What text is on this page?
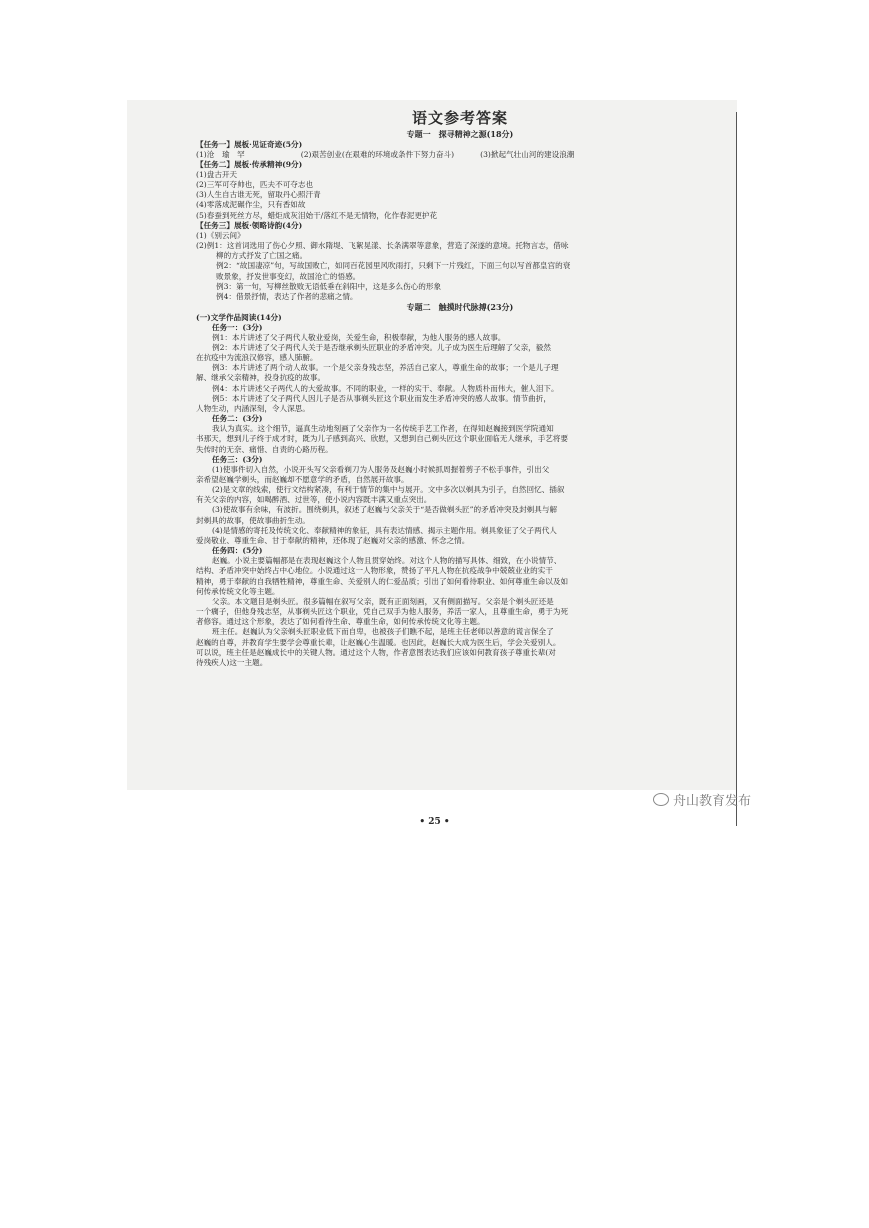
语文参考答案
专题一　探寻精神之源(18分)
【任务一】展板·见证奇迹(5分)
(1)沧　瑜　罕	(2)艰苦创业(在艰难的环境或条件下努力奋斗)	(3)掀起气壮山河的建设浪潮
【任务二】展板·传承精神(9分)
(1)盘古开天
(2)三军可夺帅也，匹夫不可夺志也
(3)人生自古谁无死，留取丹心照汗青
(4)零落成泥碾作尘，只有香如故
(5)春蚕到死丝方尽，蜡炬成灰泪始干/落红不是无情物，化作春泥更护花
【任务三】展板·领略诗韵(4分)
(1)《别云间》
(2)例1：这首词选用了伤心夕照、御水隋堤、飞絮晃漾、长条满翠等意象，营造了深遂的意境。托物言志，借咏
柳的方式抒发了亡国之痛。
例2：“故国凄凉”句，写故国败亡，如同百花园里风吹雨打，只剩下一片残红，下面三句以写首都皇宫的衰
败景象，抒发世事变幻，故国沧亡的悟感。
例3：第一句，写柳丝散败无语低垂在斜阳中，这是多么伤心的形象
例4：借景抒情，表达了作者的悲痛之情。
专题二　触摸时代脉搏(23分)
(一)文学作品阅读(14分)
任务一：(3分)
例1：本片讲述了父子两代人敬业爱岗，关爱生命，积极奉献，为他人服务的感人故事。
例2：本片讲述了父子两代人关于是否继承剃头匠职业的矛盾冲突。儿子成为医生后理解了父亲，毅然
在抗疫中为流浪汉修容，感人肺腑。
例3：本片讲述了两个动人故事。一个是父亲身残志坚，养活自己家人，尊重生命的故事；一个是儿子理
解、继承父亲精神，投身抗疫的故事。
例4：本片讲述父子两代人的大爱故事。不同的职业，一样的实干、奉献。人物质朴而伟大，催人泪下。
例5：本片讲述了父子两代人因儿子是否从事剃头匠这个职业而发生矛盾冲突的感人故事。情节曲折，
人物生动，内涵深刻，令人深思。
任务二：(3分)
我认为真实。这个细节，逼真生动地刻画了父亲作为一名传统手艺工作者，在得知赵巍接到医学院通知
书那天，想到儿子终于成才时，既为儿子感到高兴、欣慰，又想到自己剃头匠这个职业面临无人继承，手艺将要
失传时的无奈、痛惜、自责的心路历程。
任务三：(3分)
(1)使事件切入自然，小说开头写父亲看剃刀为人服务及赵巍小时候抓周握着剪子不松手事件，引出父
亲希望赵巍学剃头，而赵巍却不愿意学的矛盾，自然展开故事。
(2)是文章的线索，使行文结构紧凑，有利于情节的集中与展开。文中多次以剃具为引子，自然回忆、插叙
有关父亲的内容，如喝醉酒、过世等，使小说内容既丰满又重点突出。
(3)使故事有余味，有波折。围绕剃具，叙述了赵巍与父亲关于“是否做剃头匠”的矛盾冲突及封剃具与解
封剃具的故事，使故事曲折生动。
(4)是情感的寄托及传统文化、奉献精神的象征，具有表达情感、揭示主题作用。剃具象征了父子两代人
爱岗敬业、尊重生命、甘于奉献的精神，还体现了赵巍对父亲的感激、怀念之情。
任务四：(5分)
赵巍。小说主要篇幅都是在表现赵巍这个人物且贯穿始终。对这个人物的描写具体、细致，在小说情节、
结构、矛盾冲突中始终占中心地位。小说通过这一人物形象，赞扬了平凡人物在抗疫战争中兢兢业业的实干
精神，勇于奉献的自我牺牲精神，尊重生命、关爱别人的仁爱品质；引出了如何看待职业、如何尊重生命以及如
何传承传统文化等主题。
父亲。本文题目是剃头匠。很多篇幅在叙写父亲，既有正面刻画，又有侧面描写。父亲是个剃头匠还是
一个瘸子，但他身残志坚，从事剃头匠这个职业，凭自己双手为他人服务，养活一家人，且尊重生命，勇于为死
者修容。通过这个形象，表达了如何看待生命、尊重生命，如何传承传统文化等主题。
班主任。赵巍认为父亲剃头匠职业低下而自卑，也被孩子们瞧不起，是班主任老师以善意的谎言保全了
赵巍的自尊，并教育学生要学会尊重长辈，让赵巍心生温暖。也因此，赵巍长大成为医生后，学会关爱别人。
可以说，班主任是赵巍成长中的关键人物。通过这个人物，作者意图表达我们应该如何教育孩子尊重长辈(对
待残疾人)这一主题。
• 25 •
舟山教育发布
